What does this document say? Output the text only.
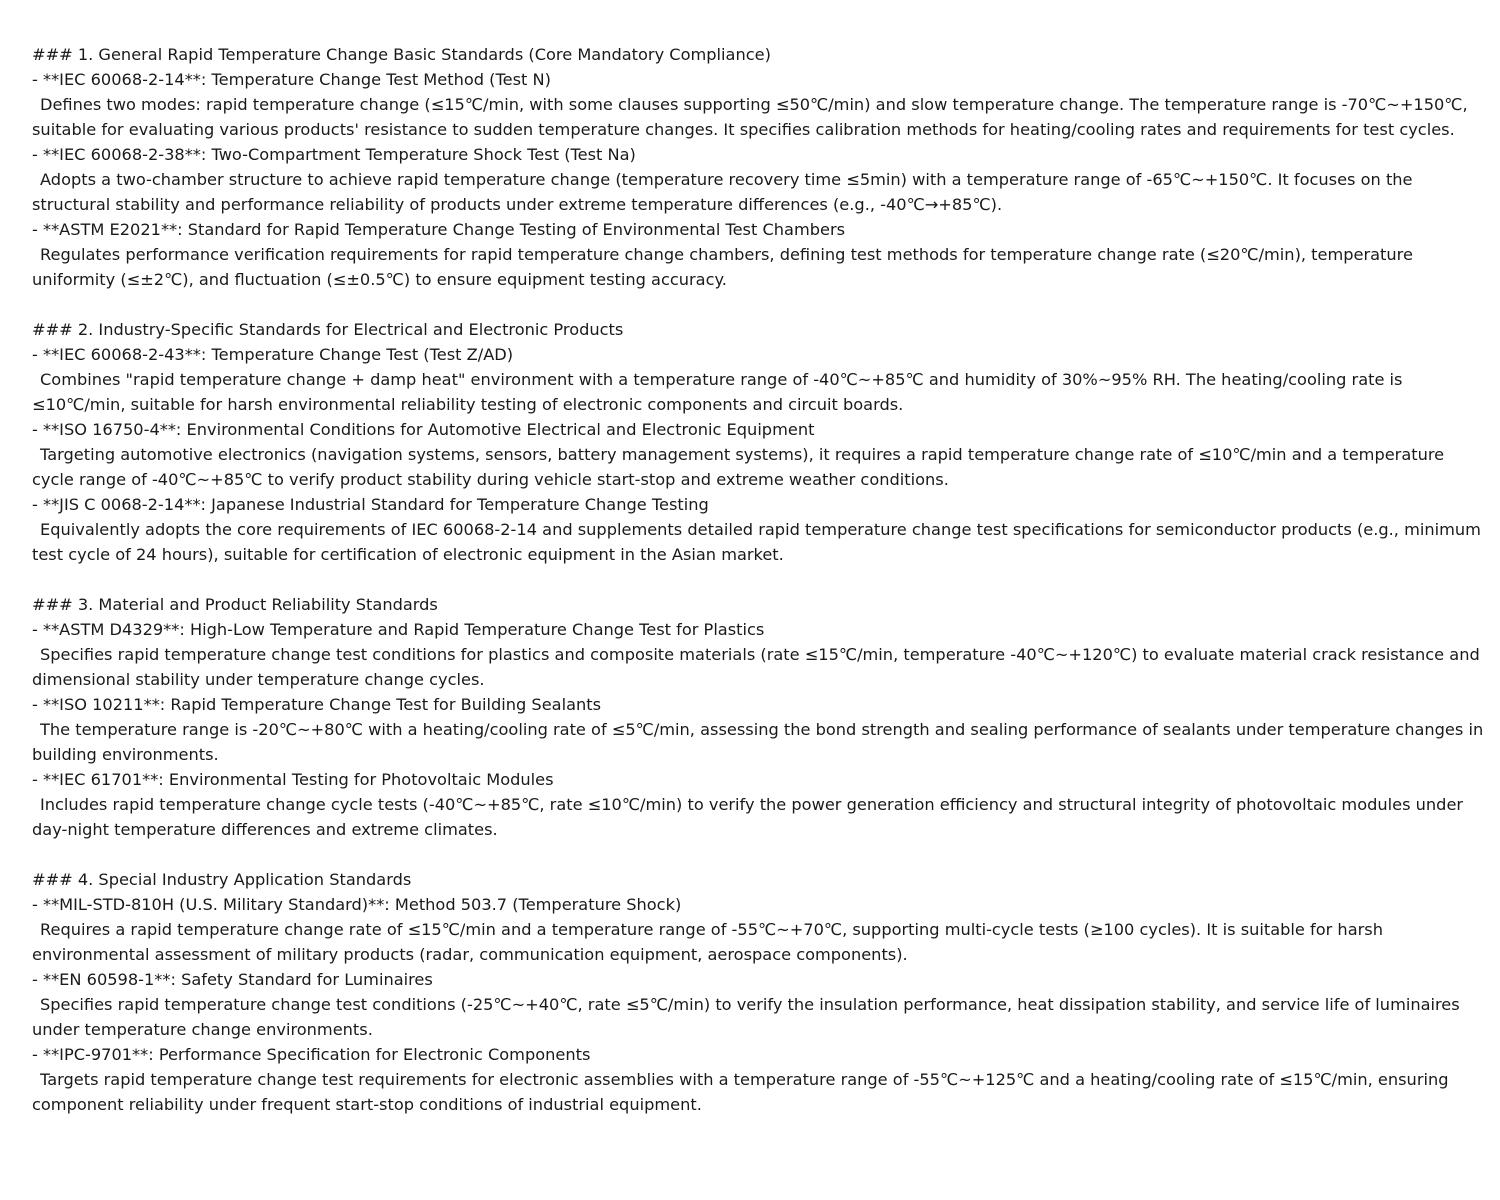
### 1. General Rapid Temperature Change Basic Standards (Core Mandatory Compliance)
- **IEC 60068-2-14**: Temperature Change Test Method (Test N)
Defines two modes: rapid temperature change (≤15℃/min, with some clauses supporting ≤50℃/min) and slow temperature change. The temperature range is -70℃~+150℃, suitable for evaluating various products' resistance to sudden temperature changes. It specifies calibration methods for heating/cooling rates and requirements for test cycles.
- **IEC 60068-2-38**: Two-Compartment Temperature Shock Test (Test Na)
Adopts a two-chamber structure to achieve rapid temperature change (temperature recovery time ≤5min) with a temperature range of -65℃~+150℃. It focuses on the structural stability and performance reliability of products under extreme temperature differences (e.g., -40℃→+85℃).
- **ASTM E2021**: Standard for Rapid Temperature Change Testing of Environmental Test Chambers
Regulates performance verification requirements for rapid temperature change chambers, defining test methods for temperature change rate (≤20℃/min), temperature uniformity (≤±2℃), and fluctuation (≤±0.5℃) to ensure equipment testing accuracy.
### 2. Industry-Specific Standards for Electrical and Electronic Products
- **IEC 60068-2-43**: Temperature Change Test (Test Z/AD)
Combines "rapid temperature change + damp heat" environment with a temperature range of -40℃~+85℃ and humidity of 30%~95% RH. The heating/cooling rate is ≤10℃/min, suitable for harsh environmental reliability testing of electronic components and circuit boards.
- **ISO 16750-4**: Environmental Conditions for Automotive Electrical and Electronic Equipment
Targeting automotive electronics (navigation systems, sensors, battery management systems), it requires a rapid temperature change rate of ≤10℃/min and a temperature cycle range of -40℃~+85℃ to verify product stability during vehicle start-stop and extreme weather conditions.
- **JIS C 0068-2-14**: Japanese Industrial Standard for Temperature Change Testing
Equivalently adopts the core requirements of IEC 60068-2-14 and supplements detailed rapid temperature change test specifications for semiconductor products (e.g., minimum test cycle of 24 hours), suitable for certification of electronic equipment in the Asian market.
### 3. Material and Product Reliability Standards
- **ASTM D4329**: High-Low Temperature and Rapid Temperature Change Test for Plastics
Specifies rapid temperature change test conditions for plastics and composite materials (rate ≤15℃/min, temperature -40℃~+120℃) to evaluate material crack resistance and dimensional stability under temperature change cycles.
- **ISO 10211**: Rapid Temperature Change Test for Building Sealants
The temperature range is -20℃~+80℃ with a heating/cooling rate of ≤5℃/min, assessing the bond strength and sealing performance of sealants under temperature changes in building environments.
- **IEC 61701**: Environmental Testing for Photovoltaic Modules
Includes rapid temperature change cycle tests (-40℃~+85℃, rate ≤10℃/min) to verify the power generation efficiency and structural integrity of photovoltaic modules under day-night temperature differences and extreme climates.
### 4. Special Industry Application Standards
- **MIL-STD-810H (U.S. Military Standard)**: Method 503.7 (Temperature Shock)
Requires a rapid temperature change rate of ≤15℃/min and a temperature range of -55℃~+70℃, supporting multi-cycle tests (≥100 cycles). It is suitable for harsh environmental assessment of military products (radar, communication equipment, aerospace components).
- **EN 60598-1**: Safety Standard for Luminaires
Specifies rapid temperature change test conditions (-25℃~+40℃, rate ≤5℃/min) to verify the insulation performance, heat dissipation stability, and service life of luminaires under temperature change environments.
- **IPC-9701**: Performance Specification for Electronic Components
Targets rapid temperature change test requirements for electronic assemblies with a temperature range of -55℃~+125℃ and a heating/cooling rate of ≤15℃/min, ensuring component reliability under frequent start-stop conditions of industrial equipment.
